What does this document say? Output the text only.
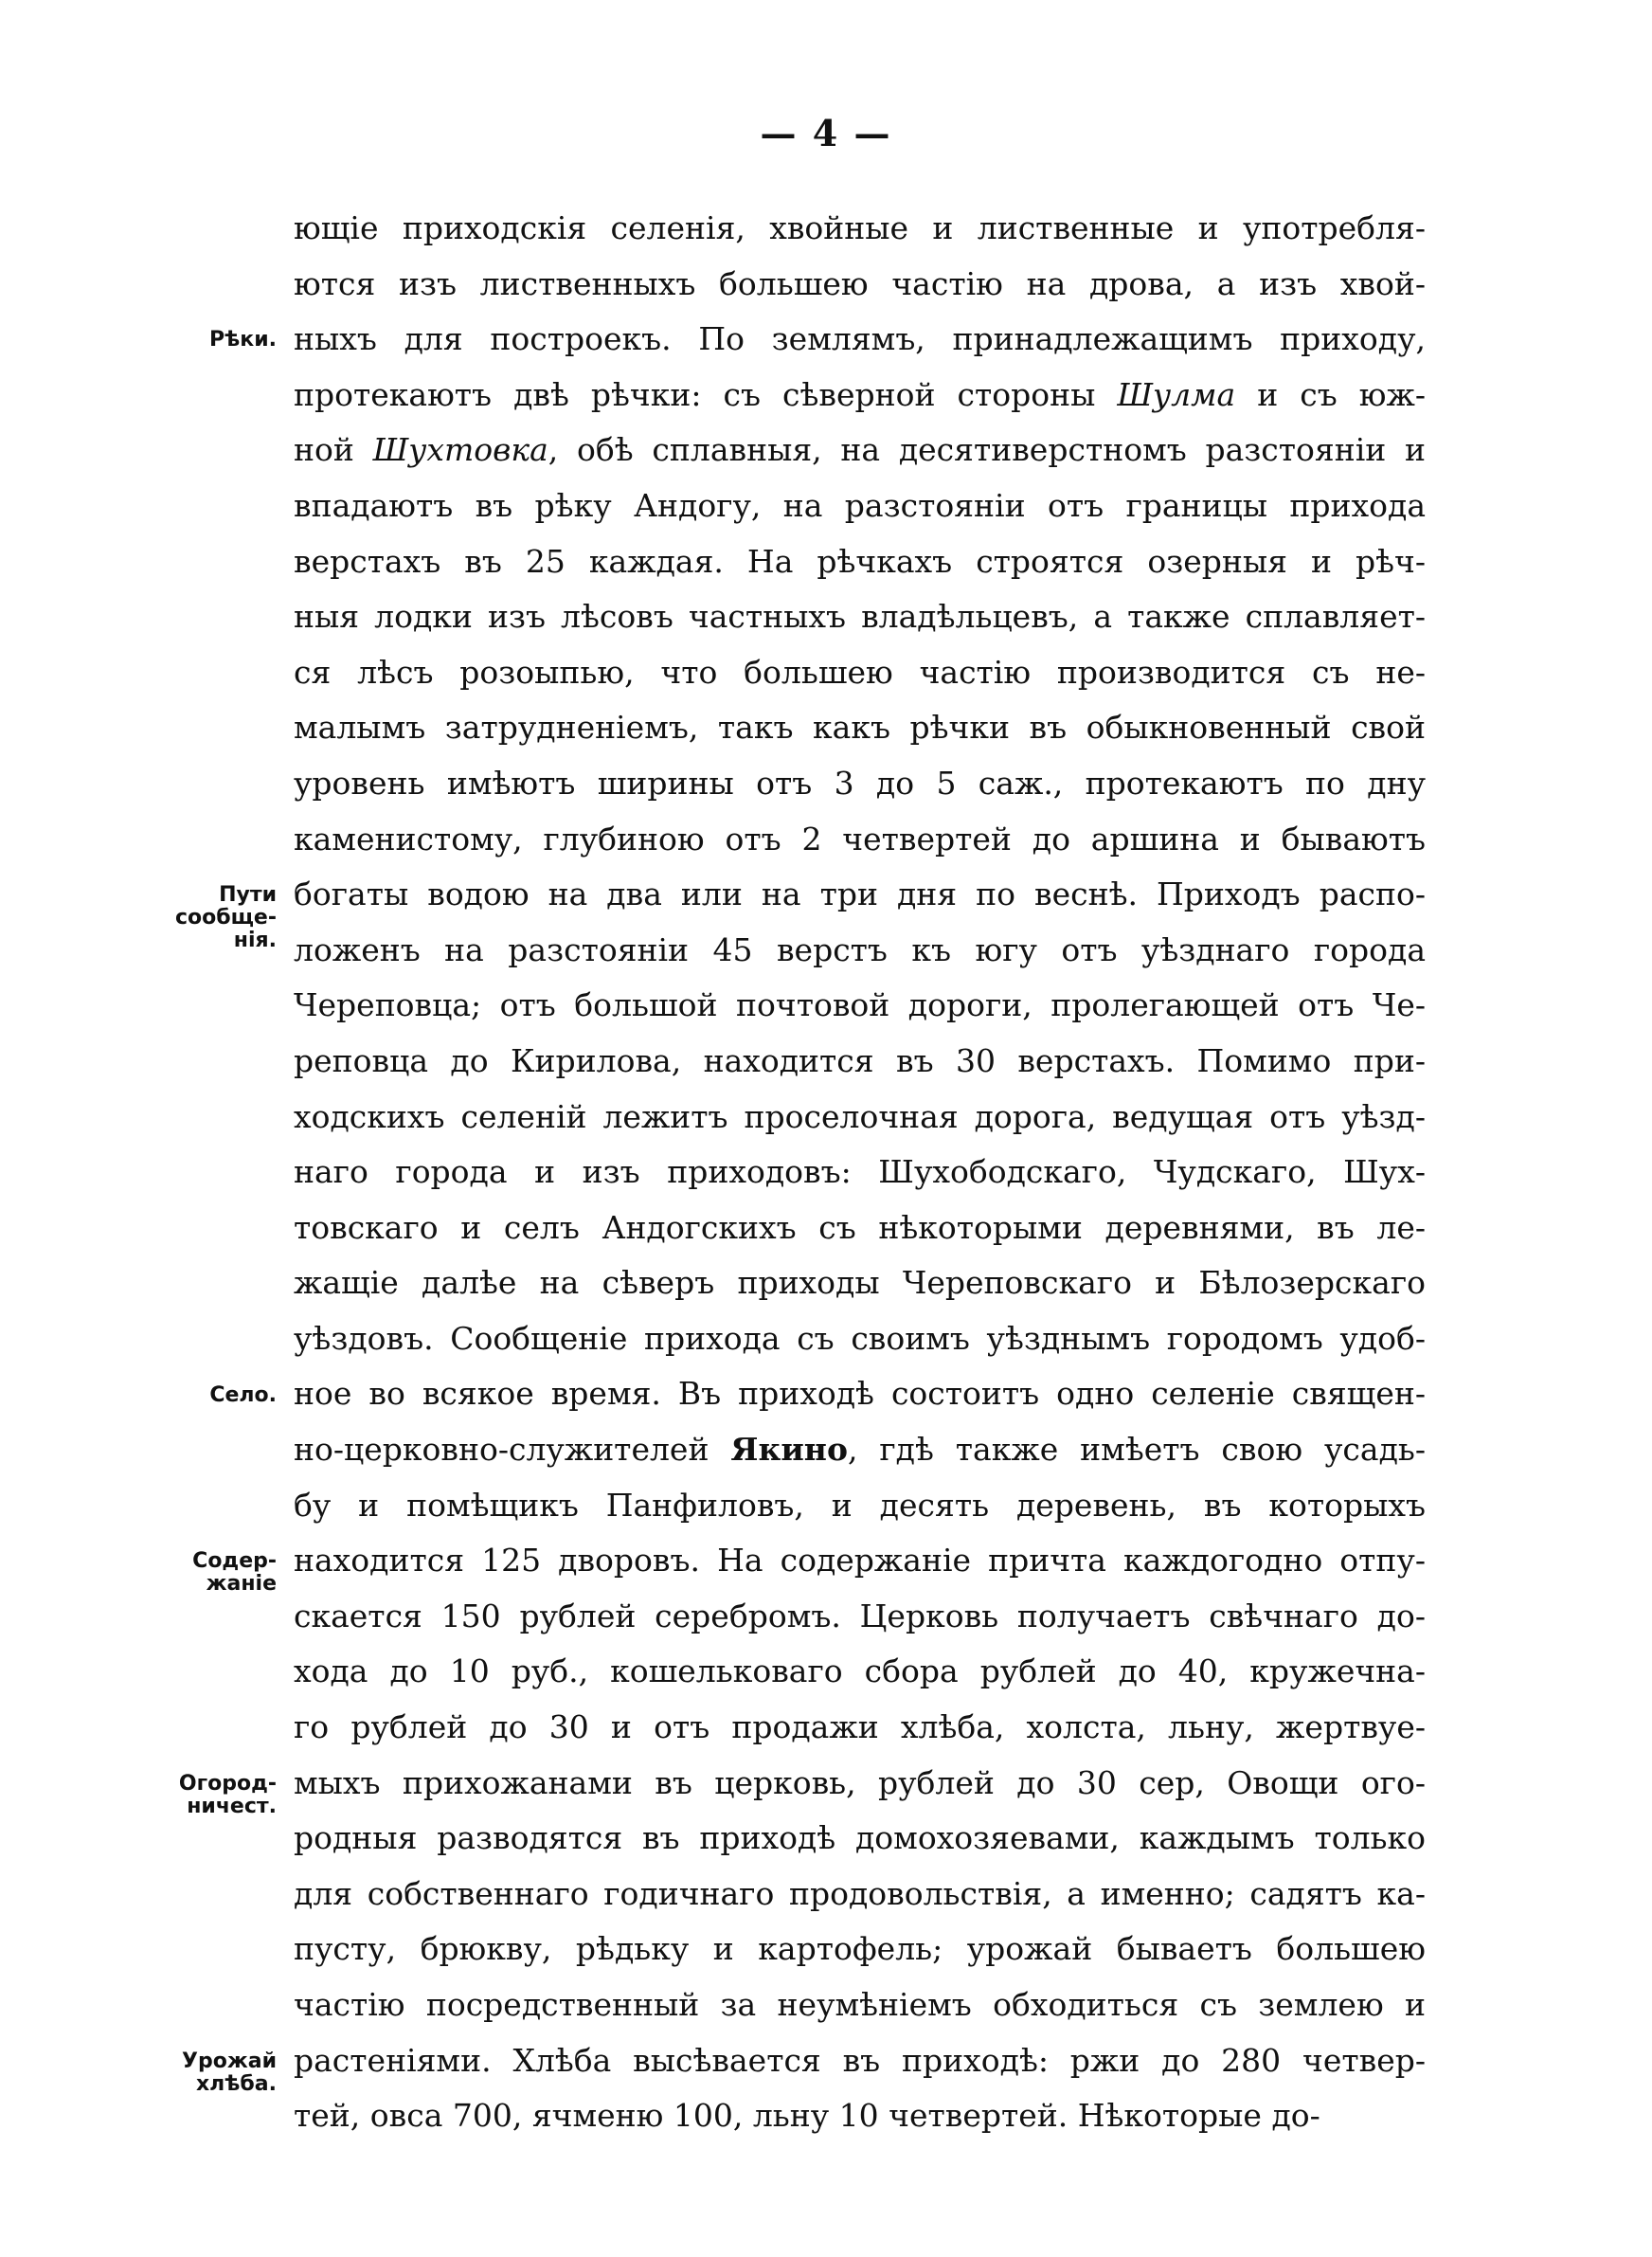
— 4 —
ющіе приходскія селенія, хвойные и лиственные и употребля-
ются изъ лиственныхъ большею частію на дрова, а изъ хвой-
ныхъ для построекъ. По землямъ, принадлежащимъ приходу,
протекаютъ двѣ рѣчки: съ сѣверной стороны Шулма и съ юж-
ной Шухтовка, обѣ сплавныя, на десятиверстномъ разстояніи и
впадаютъ въ рѣку Андогу, на разстояніи отъ границы прихода
верстахъ въ 25 каждая. На рѣчкахъ строятся озерныя и рѣч-
ныя лодки изъ лѣсовъ частныхъ владѣльцевъ, а также сплавляет-
ся лѣсъ розоыпью, что большею частію производится съ не-
малымъ затрудненіемъ, такъ какъ рѣчки въ обыкновенный свой
уровень имѣютъ ширины отъ 3 до 5 саж., протекаютъ по дну
каменистому, глубиною отъ 2 четвертей до аршина и бываютъ
богаты водою на два или на три дня по веснѣ. Приходъ распо-
ложенъ на разстояніи 45 верстъ къ югу отъ уѣзднаго города
Череповца; отъ большой почтовой дороги, пролегающей отъ Че-
реповца до Кирилова, находится въ 30 верстахъ. Помимо при-
ходскихъ селеній лежитъ проселочная дорога, ведущая отъ уѣзд-
наго города и изъ приходовъ: Шухободскаго, Чудскаго, Шух-
товскаго и селъ Андогскихъ съ нѣкоторыми деревнями, въ ле-
жащіе далѣе на сѣверъ приходы Череповскаго и Бѣлозерскаго
уѣздовъ. Сообщеніе прихода съ своимъ уѣзднымъ городомъ удоб-
ное во всякое время. Въ приходѣ состоитъ одно селеніе священ-
но-церковно-служителей Якино, гдѣ также имѣетъ свою усадь-
бу и помѣщикъ Панфиловъ, и десять деревень, въ которыхъ
находится 125 дворовъ. На содержаніе причта каждогодно отпу-
скается 150 рублей серебромъ. Церковь получаетъ свѣчнаго до-
хода до 10 руб., кошельковаго сбора рублей до 40, кружечна-
го рублей до 30 и отъ продажи хлѣба, холста, льну, жертвуе-
мыхъ прихожанами въ церковь, рублей до 30 сер, Овощи ого-
родныя разводятся въ приходѣ домохозяевами, каждымъ только
для собственнаго годичнаго продовольствія, а именно; садятъ ка-
пусту, брюкву, рѣдьку и картофель; урожай бываетъ большею
частію посредственный за неумѣніемъ обходиться съ землею и
растеніями. Хлѣба высѣвается въ приходѣ: ржи до 280 четвер-
тей, овса 700, ячменю 100, льну 10 четвертей. Нѣкоторые до-
Рѣки.
Пути
сообще-
нія.
Село.
Содер-
жаніе
Огород-
ничест.
Урожай
хлѣба.
